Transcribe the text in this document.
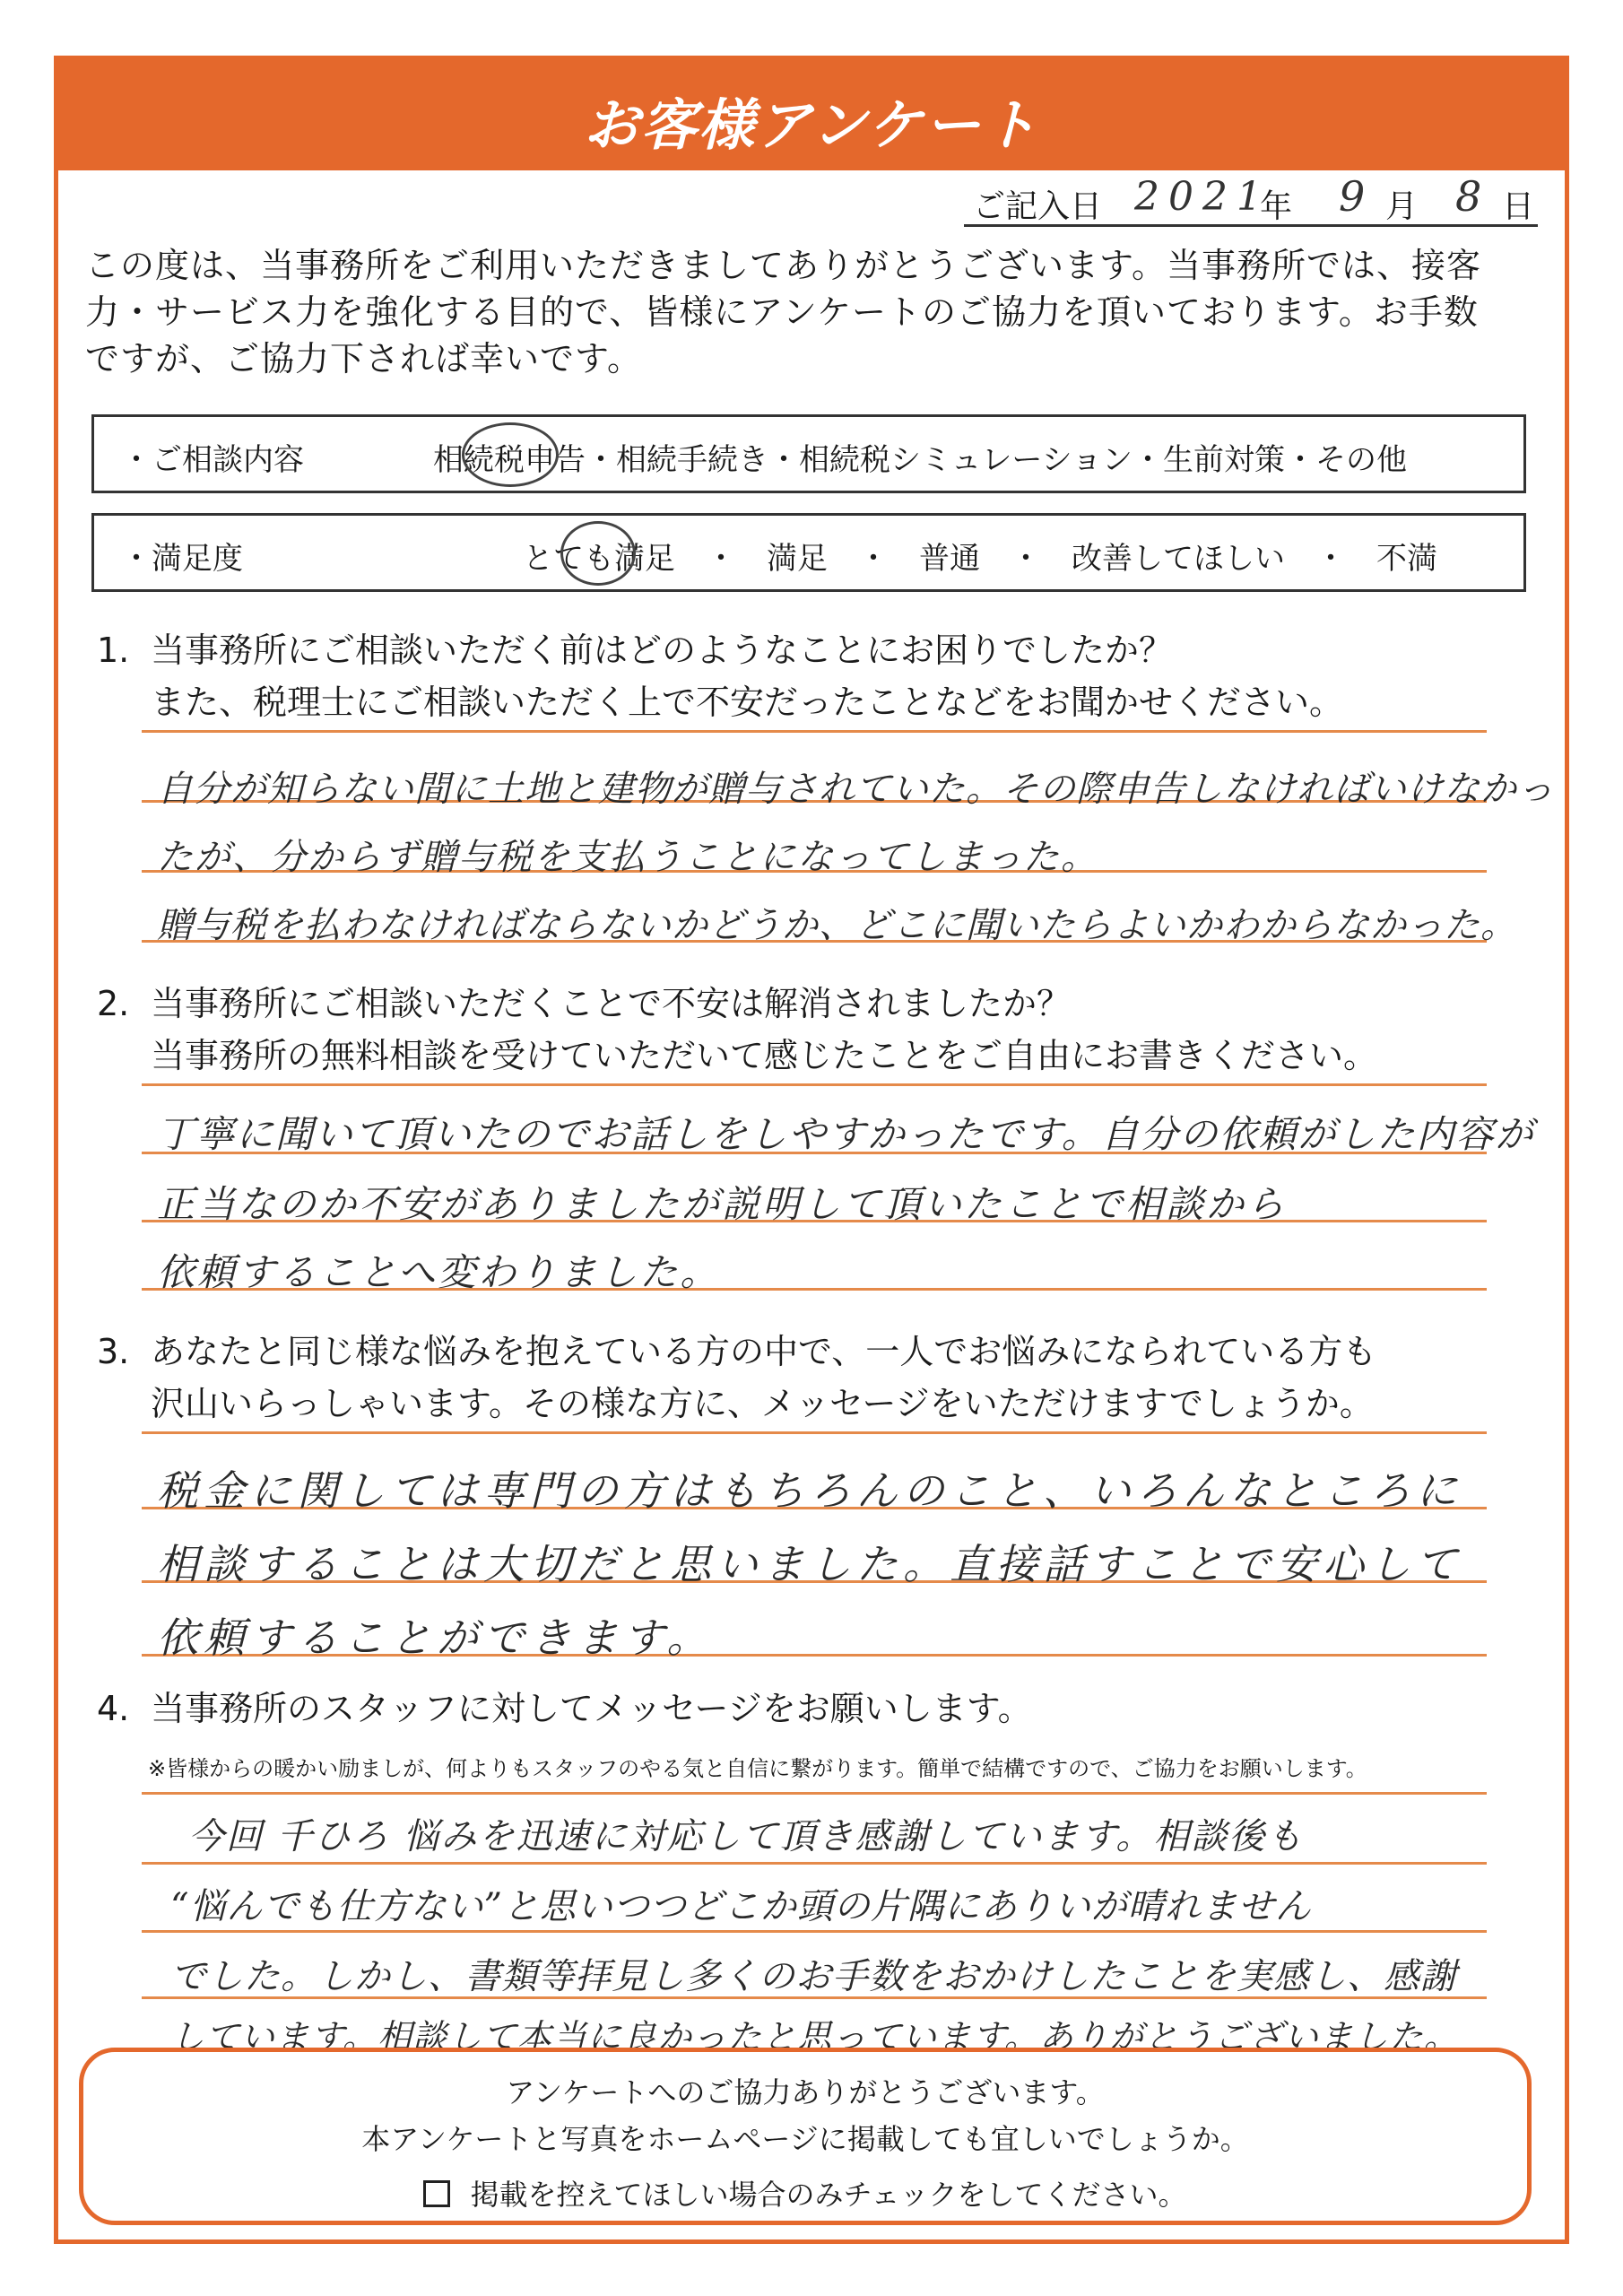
お客様アンケート
ご記入日 2021
年 9 月 8 日
この度は、当事務所をご利用いただきましてありがとうございます。当事務所では、接客
力・サービス力を強化する目的で、皆様にアンケートのご協力を頂いております。お手数
ですが、ご協力下されば幸いです。
・ご相談内容	相続税申告・相続手続き・相続税シミュレーション・生前対策・その他
・満足度	とても満足　・　満足　・　普通　・　改善してほしい　・　不満
1. 当事務所にご相談いただく前はどのようなことにお困りでしたか？
また、税理士にご相談いただく上で不安だったことなどをお聞かせください。
自分が知らない間に土地と建物が贈与されていた。その際申告しなければいけなかっ
たが、分からず贈与税を支払うことになってしまった。
贈与税を払わなければならないかどうか、どこに聞いたらよいかわからなかった。
2. 当事務所にご相談いただくことで不安は解消されましたか？
当事務所の無料相談を受けていただいて感じたことをご自由にお書きください。
丁寧に聞いて頂いたのでお話しをしやすかったです。自分の依頼がした内容が
正当なのか不安がありましたが説明して頂いたことで相談から
依頼することへ変わりました。
3. あなたと同じ様な悩みを抱えている方の中で、一人でお悩みになられている方も
沢山いらっしゃいます。その様な方に、メッセージをいただけますでしょうか。
税金に関しては専門の方はもちろんのこと、いろんなところに
相談することは大切だと思いました。直接話すことで安心して
依頼することができます。
4. 当事務所のスタッフに対してメッセージをお願いします。
※皆様からの暖かい励ましが、何よりもスタッフのやる気と自信に繋がります。簡単で結構ですので、ご協力をお願いします。
今回 千ひろ 悩みを迅速に対応して頂き感謝しています。相談後も
“悩んでも仕方ない”と思いつつどこか頭の片隅にありいが晴れません
でした。しかし、書類等拝見し多くのお手数をおかけしたことを実感し、感謝
しています。相談して本当に良かったと思っています。ありがとうございました。
アンケートへのご協力ありがとうございます。
本アンケートと写真をホームページに掲載しても宜しいでしょうか。
掲載を控えてほしい場合のみチェックをしてください。
